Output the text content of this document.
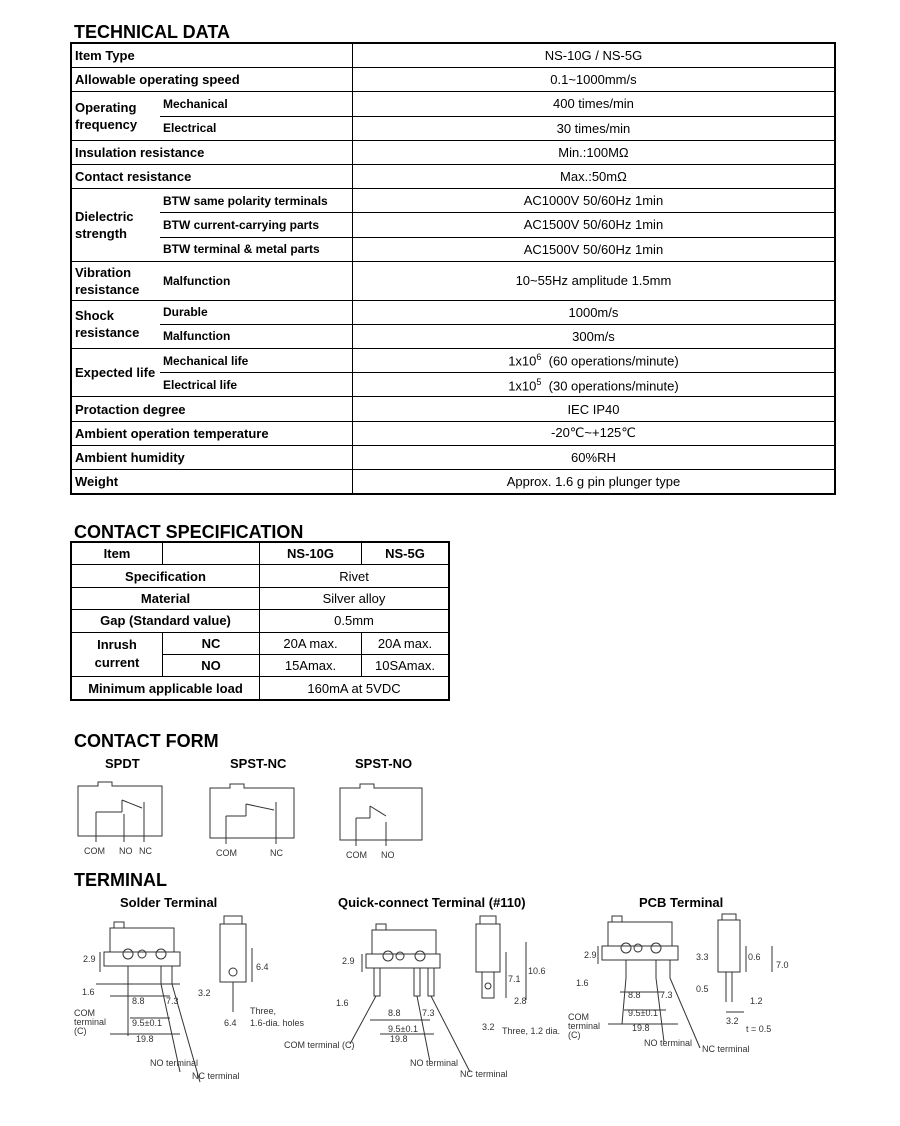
TECHNICAL DATA
Item Type		NS-10G / NS-5G
Allowable operating speed		0.1~1000mm/s
Operating frequency	Mechanical	400 times/min
	Electrical	30 times/min
Insulation resistance		Min.:100MΩ
Contact resistance		Max.:50mΩ
Dielectric strength	BTW same polarity terminals	AC1000V 50/60Hz 1min
	BTW current-carrying parts	AC1500V 50/60Hz 1min
	BTW terminal & metal parts	AC1500V 50/60Hz 1min
Vibration resistance	Malfunction	10~55Hz amplitude 1.5mm
Shock resistance	Durable	1000m/s
	Malfunction	300m/s
Expected life	Mechanical life	$1x10^6$ (60 operations/minute)
	Electrical life	$1x10^5$ (30 operations/minute)
Protaction degree		IEC IP40
Ambient operation temperature		-20℃~+125℃
Ambient humidity		60%RH
Weight		Approx. 1.6 g pin plunger type
CONTACT SPECIFICATION
Item		NS-10G	NS-5G
Specification		Rivet	
Material		Silver alloy	
Gap (Standard value)		0.5mm	
Inrush current	NC	20A max.	20A max.
	NO	15Amax.	10SAmax.
Minimum applicable load		160mA at 5VDC	
CONTACT FORM
SPDT	SPST-NC	SPST-NO
COM NO NC	COM	NC	COM NO
TERMINAL
Solder Terminal	Quick-connect Terminal (#110)	PCB Terminal
2.9
1.6
8.8 7.3
9.5±0.1
19.8
COM
terminal
(C)
NO terminal
NC terminal
6.4
3.2
6.4
Three,
1.6-dia. holes
2.9
1.6
8.8 7.3
9.5±0.1
19.8
COM terminal (C)
NO terminal
NC terminal
7.1
10.6
2.8
3.2 Three, 1.2 dia.
2.9
1.6
8.8 7.3
9.5±0.1
19.8
COM
terminal
(C)
NO terminal
NC terminal
3.3	0.6
7.0
0.5
1.2
3.2
t = 0.5
